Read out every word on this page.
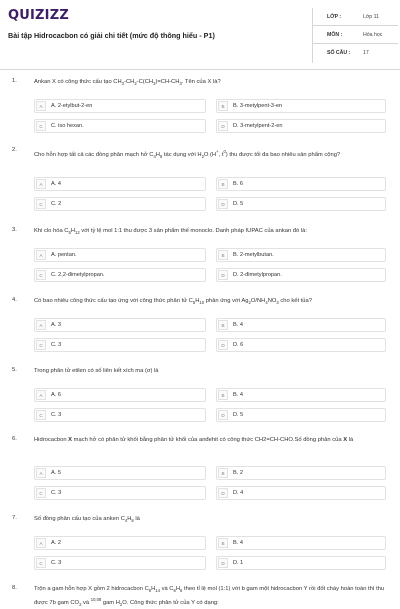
QUIZIZZ
Bài tập Hidrocacbon có giải chi tiết (mức độ thông hiểu - P1)
LỚP :	Lớp 11
MÔN :	Hóa học
SỐ CÂU : 17
1.	Ankan X có công thức cấu tạo $CH_3-CH_2-C(CH_3)=CH-CH_3$. Tên của X là?
A	A. 2-etylbut-2-en	B	B. 3-metylpent-3-en
C	C. iso hexan.	D	D. 3-metylpent-2-en
2.
Cho hỗn hợp tất cả các đồng phân mạch hở $C_4H_8$ tác dụng với $H_2O$ (H+, $t^0$) thu được tối đa bao nhiêu sản phẩm cộng?
A	A. 4	B	B. 6
C	C. 2	D	D. 5
3.	Khi clo hóa $C_5H_{12}$ với tỷ lệ mol 1:1 thu được 3 sản phẩm thế monoclo. Danh pháp IUPAC của ankan đó là:
A	A. pentan.	B	B. 2-metylbutan.
C	C. 2,2-đimetylpropan.	D	D. 2-đimetylpropan.
4.	Có bao nhiêu công thức cấu tạo ứng với công thức phân tử $C_5H_{10}$ phản ứng với $Ag_2O/NH_4NO_3$ cho kết tủa?
A	A. 3	B	B. 4
C	C. 3	D	D. 6
5.	Trong phân tử etilen có số liên kết xích ma (σ) là
A	A. 6	B	B. 4
C	C. 3	D	D. 5
6.	Hidrocacbon X mạch hở có phân tử khối bằng phân tử khối của anđehit có công thức CH2=CH-CHO.Số đồng phân của X là
A	A. 5	B	B. 2
C	C. 3	D	D. 4
7.	Số đồng phân cấu tạo của anken $C_4H_8$ là
A	A. 2	B	B. 4
C	C. 3	D	D. 1
8.	Trộn a gam hỗn hợp X gồm 2 hidrocacbon $C_6H_{14}$ và $C_6H_6$ theo tỉ lệ mol (1:1) với b gam một hidrocacbon Y rồi đốt cháy hoàn toàn thì thu được 7b gam $CO_2$ và $^{10,08}$ gam $H_2O$. Công thức phân tử của Y có dạng:
